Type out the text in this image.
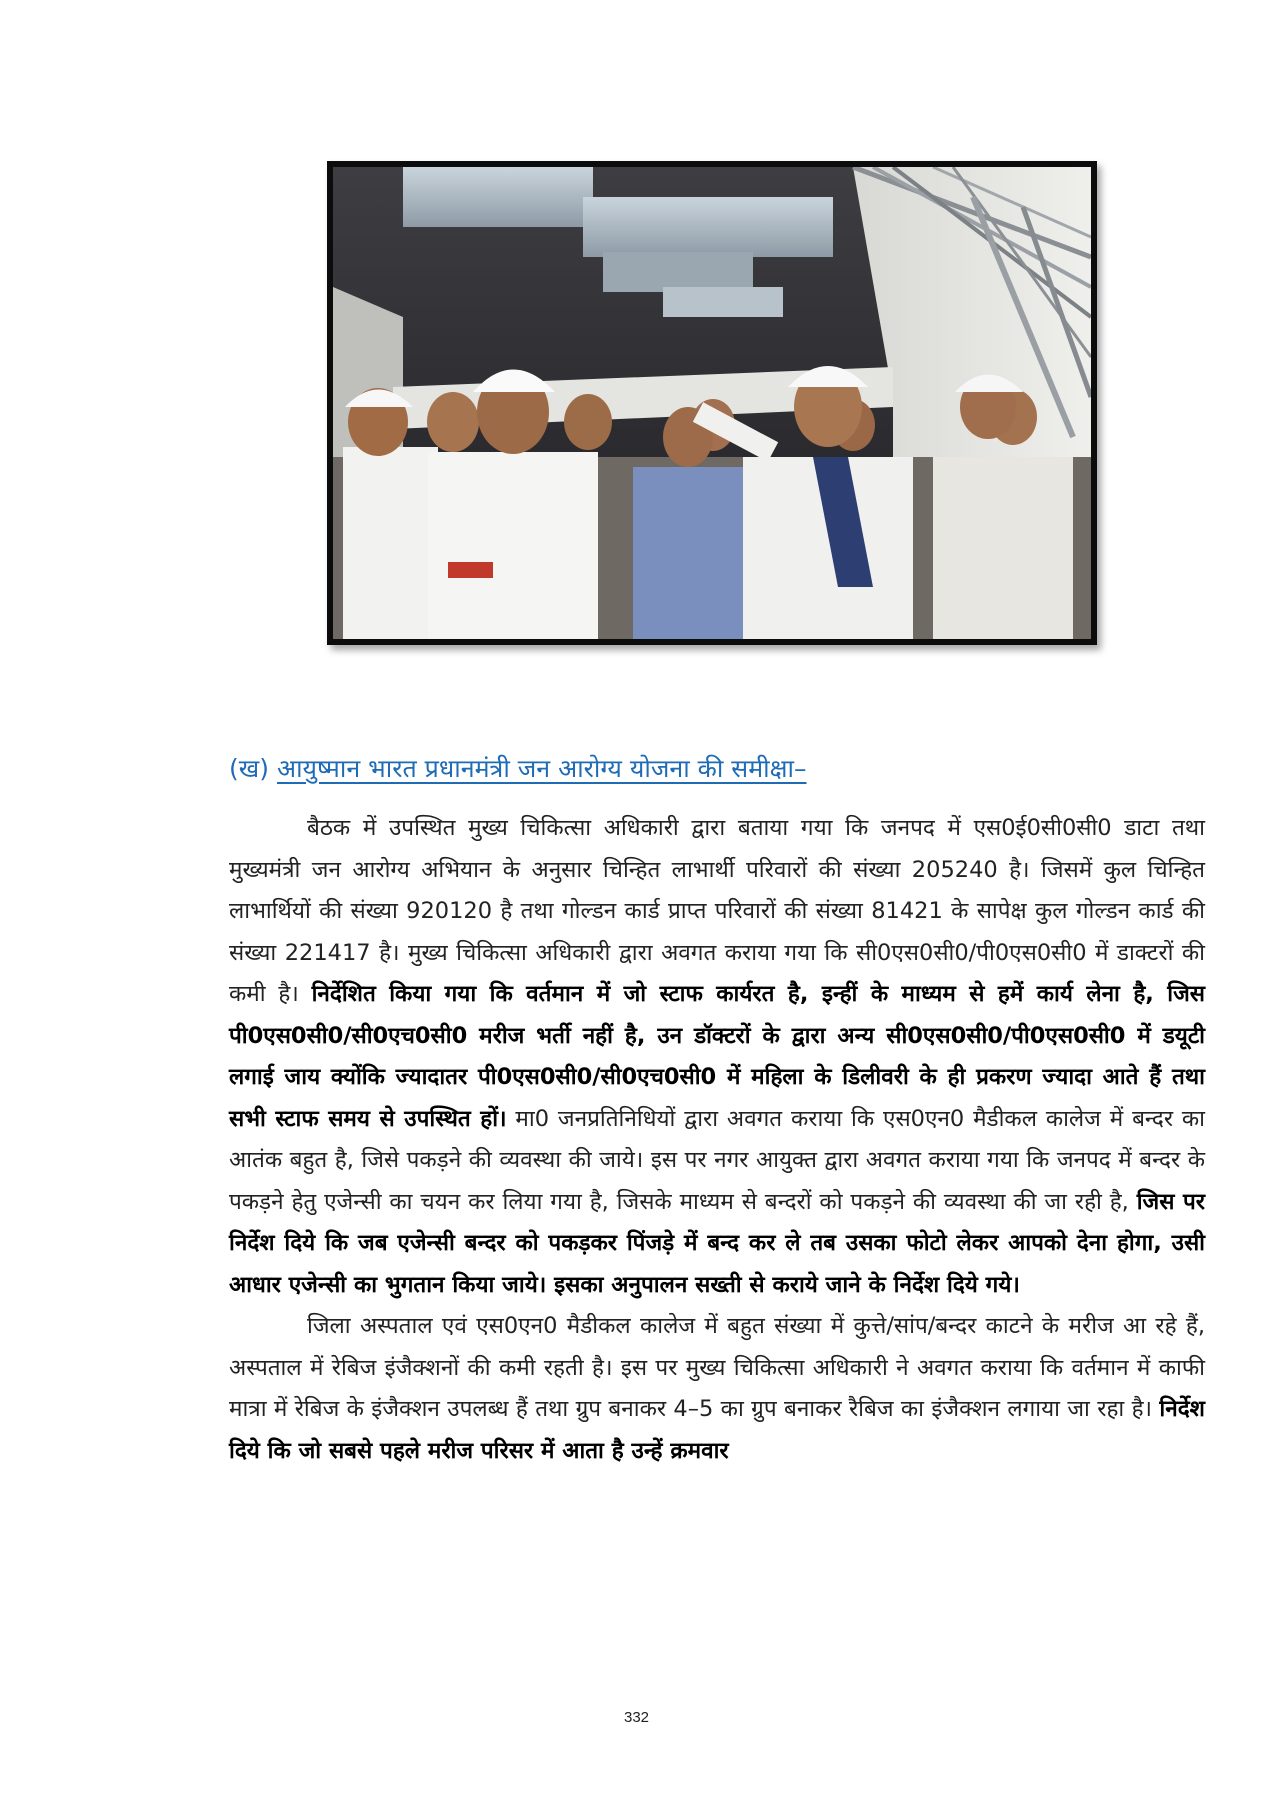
(ख) आयुष्मान भारत प्रधानमंत्री जन आरोग्य योजना की समीक्षा–

बैठक में उपस्थित मुख्य चिकित्सा अधिकारी द्वारा बताया गया कि जनपद में एस0ई0सी0सी0 डाटा तथा मुख्यमंत्री जन आरोग्य अभियान के अनुसार चिन्हित लाभार्थी परिवारों की संख्या 205240 है। जिसमें कुल चिन्हित लाभार्थियों की संख्या 920120 है तथा गोल्डन कार्ड प्राप्त परिवारों की संख्या 81421 के सापेक्ष कुल गोल्डन कार्ड की संख्या 221417 है। मुख्य चिकित्सा अधिकारी द्वारा अवगत कराया गया कि सी0एस0सी0/पी0एस0सी0 में डाक्टरों की कमी है। निर्देशित किया गया कि वर्तमान में जो स्टाफ कार्यरत है, इन्हीं के माध्यम से हमें कार्य लेना है, जिस पी0एस0सी0/सी0एच0सी0 मरीज भर्ती नहीं है, उन डॉक्टरों के द्वारा अन्य सी0एस0सी0/पी0एस0सी0 में डयूटी लगाई जाय क्योंकि ज्यादातर पी0एस0सी0/सी0एच0सी0 में महिला के डिलीवरी के ही प्रकरण ज्यादा आते हैं तथा सभी स्टाफ समय से उपस्थित हों। मा0 जनप्रतिनिधियों द्वारा अवगत कराया कि एस0एन0 मैडीकल कालेज में बन्दर का आतंक बहुत है, जिसे पकड़ने की व्यवस्था की जाये। इस पर नगर आयुक्त द्वारा अवगत कराया गया कि जनपद में बन्दर के पकड़ने हेतु एजेन्सी का चयन कर लिया गया है, जिसके माध्यम से बन्दरों को पकड़ने की व्यवस्था की जा रही है, जिस पर निर्देश दिये कि जब एजेन्सी बन्दर को पकड़कर पिंजड़े में बन्द कर ले तब उसका फोटो लेकर आपको देना होगा, उसी आधार एजेन्सी का भुगतान किया जाये। इसका अनुपालन सख्ती से कराये जाने के निर्देश दिये गये।

जिला अस्पताल एवं एस0एन0 मैडीकल कालेज में बहुत संख्या में कुत्ते/सांप/बन्दर काटने के मरीज आ रहे हैं, अस्पताल में रेबिज इंजैक्शनों की कमी रहती है। इस पर मुख्य चिकित्सा अधिकारी ने अवगत कराया कि वर्तमान में काफी मात्रा में रेबिज के इंजैक्शन उपलब्ध हैं तथा ग्रुप बनाकर 4–5 का ग्रुप बनाकर रैबिज का इंजैक्शन लगाया जा रहा है। निर्देश दिये कि जो सबसे पहले मरीज परिसर में आता है उन्हें क्रमवार

332
